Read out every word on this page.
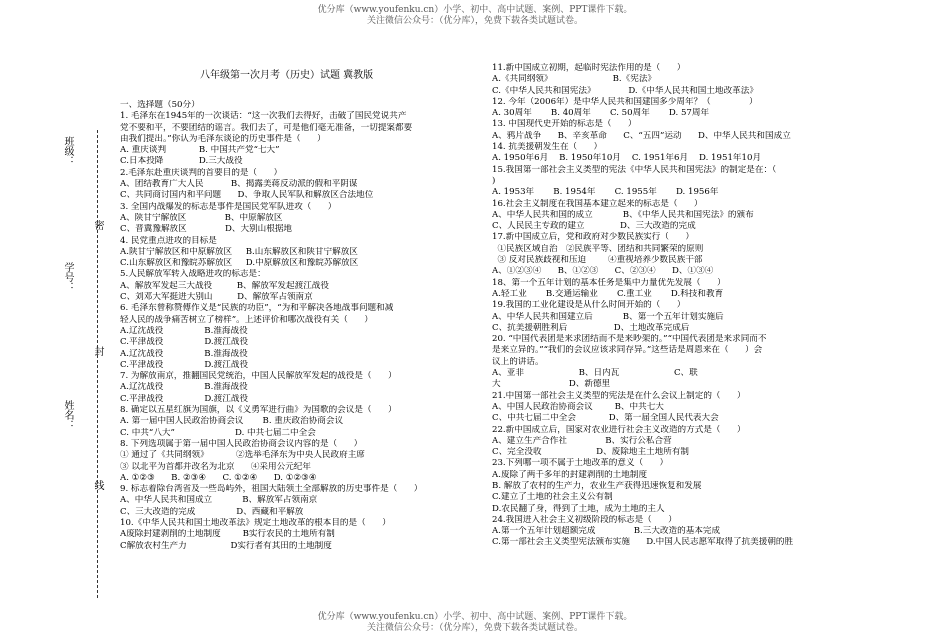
优分库（www.youfenku.cn）小学、初中、高中试题、案例、PPT课件下载。
关注微信公众号：（优分库），免费下载各类试题试卷。
班级：
密
学号：
封
姓名：
线
八年级第一次月考（历史）试题 冀教版
一、选择题（50分）
1. 毛泽东在1945年的一次谈话：“这一次我们去得好，击破了国民党说共产
党不要和平，不要团结的谣言。我们去了，可是他们毫无准备，一切提案都要
由我们提出。”你认为毛泽东谈论的历史事件是（      ）
A. 重庆谈判            B. 中国共产党“七大”
C.日本投降             D.三大战役
2.毛泽东赴重庆谈判的首要目的是（      ）
A、团结教育广大人民          B、揭露美蒋反动派的假和平阴谋
C、共同商讨国内和平问题      D、争取人民军队和解放区合法地位
3. 全国内战爆发的标志是事件是国民党军队进攻（      ）
A、陕甘宁解放区              B、中原解放区
C、晋冀豫解放区              D、大别山根据地
4. 民党重点进攻的目标是
A.陕甘宁解放区和中原解放区     B.山东解放区和陕甘宁解放区
C.山东解放区和豫皖苏解放区     D.中原解放区和豫皖苏解放区
5.人民解放军转入战略进攻的标志是：
A、解放军发起三大战役         B、解放军发起渡江战役
C、刘邓大军挺进大别山         D、解放军占领南京
6. 毛泽东曾称赞傅作义是“民族的功臣”，“为和平解决各地战事问题和减
轻人民的战争痛苦树立了榜样”。上述评价和哪次战役有关（      ）
A.辽沈战役               B.淮海战役
C.平津战役               D.渡江战役
A.辽沈战役               B.淮海战役
C.平津战役               D.渡江战役
7. 为解放南京，推翻国民党统治，中国人民解放军发起的战役是（      ）
A.辽沈战役               B.淮海战役
C.平津战役               D.渡江战役
8. 确定以五星红旗为国旗，以《义勇军进行曲》为国歌的会议是（      ）
A. 第一届中国人民政治协商会议       B. 重庆政治协商会议
C. 中共“八大”                      D. 中共七届二中全会
8. 下列选项属于第一届中国人民政治协商会议内容的是（      ）
① 通过了《共同纲领》          ②选举毛泽东为中央人民政府主席
③ 以北平为首都并改名为北京      ④采用公元纪年
A. ①②③      B. ②③④      C. ①②④      D. ①②③④
9. 标志着除台湾省及一些岛屿外，祖国大陆领土全部解放的历史事件是（      ）
A、中华人民共和国成立           B、解放军占领南京
C、三大改造的完成               D、西藏和平解放
10.《中华人民共和国土地改革法》规定土地改革的根本目的是（      ）
A废除封建剥削的土地制度        B实行农民的土地所有制
C解放农村生产力                D实行者有其田的土地制度
11.新中国成立初期，起临时宪法作用的是（      ）
A.《共同纲领》                      B.《宪法》
C.《中华人民共和国宪法》            D.《中华人民共和国土地改革法》
12. 今年（2006年）是中华人民共和国建国多少周年？（              ）
A. 30周年       B. 40周年       C. 50周年       D. 57周年
13. 中国现代史开始的标志是（      ）
A、鸦片战争      B、辛亥革命      C、“五四”运动      D、中华人民共和国成立
14. 抗美援朝发生在（      ）
A. 1950年6月    B. 1950年10月    C. 1951年6月    D. 1951年10月
15.我国第一部社会主义类型的宪法《中华人民共和国宪法》的制定是在：（
)
A. 1953年       B. 1954年       C. 1955年       D. 1956年
16.社会主义制度在我国基本建立起来的标志是（      ）
A、中华人民共和国的成立           B、《中华人民共和国宪法》的颁布
C、人民民主专政的建立             D、三大改造的完成
17.新中国成立后，党和政府对少数民族实行（      ）
①民族区域自治   ②民族平等、团结和共同繁荣的原则
③ 反对民族歧视和压迫        ④重视培养少数民族干部
A、①②③④      B、①②③      C、②③④      D、①③④
18、第一个五年计划的基本任务是集中力量优先发展（      ）
A.轻工业       B.交通运输业       C.重工业       D.科技和教育
19.我国的工业化建设是从什么时间开始的（      ）
A、中华人民共和国建立后           B、第一个五年计划实施后
C、抗美援朝胜利后                 D、土地改革完成后
20. “中国代表团是来求团结而不是来吵架的。”“中国代表团是来求同而不
是来立异的。”“我们的会议应该求同存异。”这些话是周恩来在（      ）会
议上的讲话。
A、亚非                    B、日内瓦                    C、联
大                         D、新德里
21.中国第一部社会主义类型的宪法是在什么会议上制定的（      ）
A、中国人民政治协商会议        B、中共七大
C、中共七届二中全会            D、第一届全国人民代表大会
22.新中国成立后，国家对农业进行社会主义改造的方式是（      ）
A、建立生产合作社              B、实行公私合营
C、完全没收                    D、废除地主土地所有制
23.下列哪一项不属于土地改革的意义（      ）
A.废除了两千多年的封建剥削的土地制度
B. 解放了农村的生产力，农业生产获得迅速恢复和发展
C.建立了土地的社会主义公有制
D.农民翻了身，得到了土地，成为土地的主人
24.我国进入社会主义初级阶段的标志是（      ）
A.第一个五年计划超额完成              B.三大改造的基本完成
C.第一部社会主义类型宪法颁布实施      D.中国人民志愿军取得了抗美援朝的胜
优分库（www.youfenku.cn）小学、初中、高中试题、案例、PPT课件下载。
关注微信公众号：（优分库），免费下载各类试题试卷。
